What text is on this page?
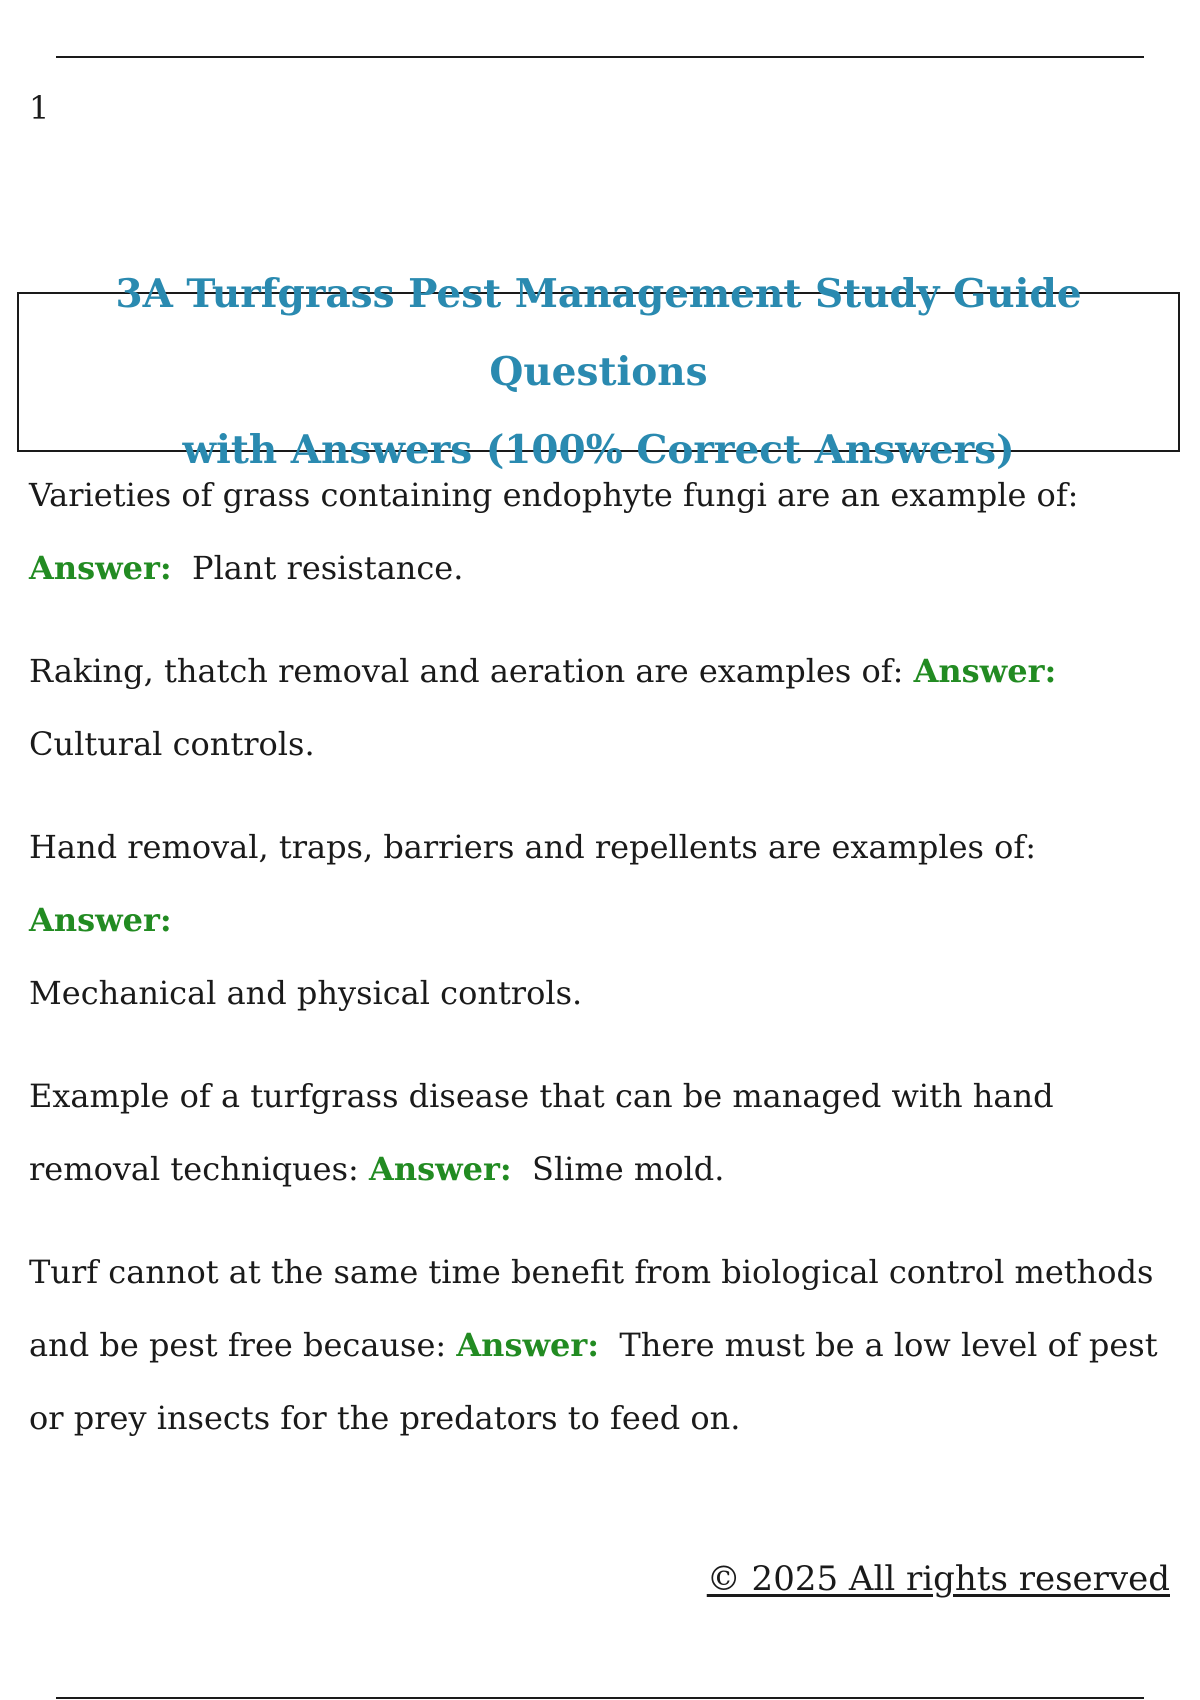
1
3A Turfgrass Pest Management Study Guide Questions
with Answers (100% Correct Answers)

Varieties of grass containing endophyte fungi are an example of:
Answer: Plant resistance.

Raking, thatch removal and aeration are examples of: Answer:
Cultural controls.

Hand removal, traps, barriers and repellents are examples of: Answer:
Mechanical and physical controls.

Example of a turfgrass disease that can be managed with hand removal techniques: Answer: Slime mold.

Turf cannot at the same time benefit from biological control methods and be pest free because: Answer: There must be a low level of pest or prey insects for the predators to feed on.

© 2025 All rights reserved
